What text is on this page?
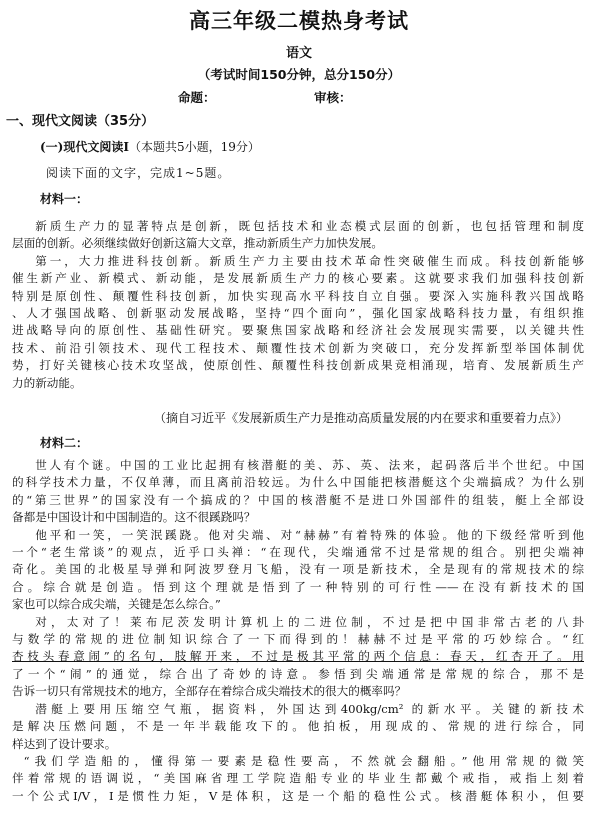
高三年级二模热身考试
语文
（考试时间150分钟，总分150分）
命题：	审核：
一、现代文阅读（35分）
(一)现代文阅读I（本题共5小题，19分）
阅读下面的文字，完成1~5题。
材料一：

新质生产力的显著特点是创新，既包括技术和业态模式层面的创新，也包括管理和制度

层面的创新。必须继续做好创新这篇大文章，推动新质生产力加快发展。

第一，大力推进科技创新。新质生产力主要由技术革命性突破催生而成。科技创新能够

催生新产业、新模式、新动能，是发展新质生产力的核心要素。这就要求我们加强科技创新

特别是原创性、颠覆性科技创新，加快实现高水平科技自立自强。要深入实施科教兴国战略

、人才强国战略、创新驱动发展战略，坚持“四个面向”，强化国家战略科技力量，有组织推

进战略导向的原创性、基础性研究。要聚焦国家战略和经济社会发展现实需要，以关键共性

技术、前沿引领技术、现代工程技术、颠覆性技术创新为突破口，充分发挥新型举国体制优

势，打好关键核心技术攻坚战，使原创性、颠覆性科技创新成果竞相涌现，培育、发展新质生产

力的新动能。

（摘自习近平《发展新质生产力是推动高质量发展的内在要求和重要着力点》）
材料二：

世人有个谜。中国的工业比起拥有核潜艇的美、苏、英、法来，起码落后半个世纪。中国

的科学技术力量，不仅单薄，而且离前沿较远。为什么中国能把核潜艇这个尖端搞成？为什么别

的“第三世界”的国家没有一个搞成的？中国的核潜艇不是进口外国部件的组装，艇上全部设

备都是中国设计和中国制造的。这不很蹊跷吗？

他平和一笑，一笑泯蹊跷。他对尖端、对“赫赫”有着特殊的体验。他的下级经常听到他

一个“老生常谈”的观点，近乎口头禅：“在现代，尖端通常不过是常规的组合。别把尖端神

奇化。美国的北极星导弹和阿波罗登月飞船，没有一项是新技术，全是现有的常规技术的综

合。综合就是创造。悟到这个理就是悟到了一种特别的可行性——在没有新技术的国

家也可以综合成尖端，关键是怎么综合。”

对，太对了！莱布尼茨发明计算机上的二进位制，不过是把中国非常古老的八卦

与数学的常规的进位制知识综合了一下而得到的！赫赫不过是平常的巧妙综合。“红

杏枝头春意闹”的名句，肢解开来，不过是极其平常的两个信息：春天，红杏开了。用

了一个“闹”的通觉，综合出了奇妙的诗意。参悟到尖端通常是常规的综合，那不是

告诉一切只有常规技术的地方，全部存在着综合成尖端技术的很大的概率吗？

潜艇上要用压缩空气瓶，据资料，外国达到400kg/cm² 的新水平。关键的新技术

是解决压燃问题，不是一年半载能攻下的。他拍板，用现成的、常规的进行综合，同

样达到了设计要求。

“我们学造船的，懂得第一要素是稳性要高，不然就会翻船。”他用常规的微笑

伴着常规的语调说，“美国麻省理工学院造船专业的毕业生都戴个戒指，戒指上刻着

一个公式I/V，I是惯性力矩，V是体积，这是一个船的稳性公式。核潜艇体积小，但要
